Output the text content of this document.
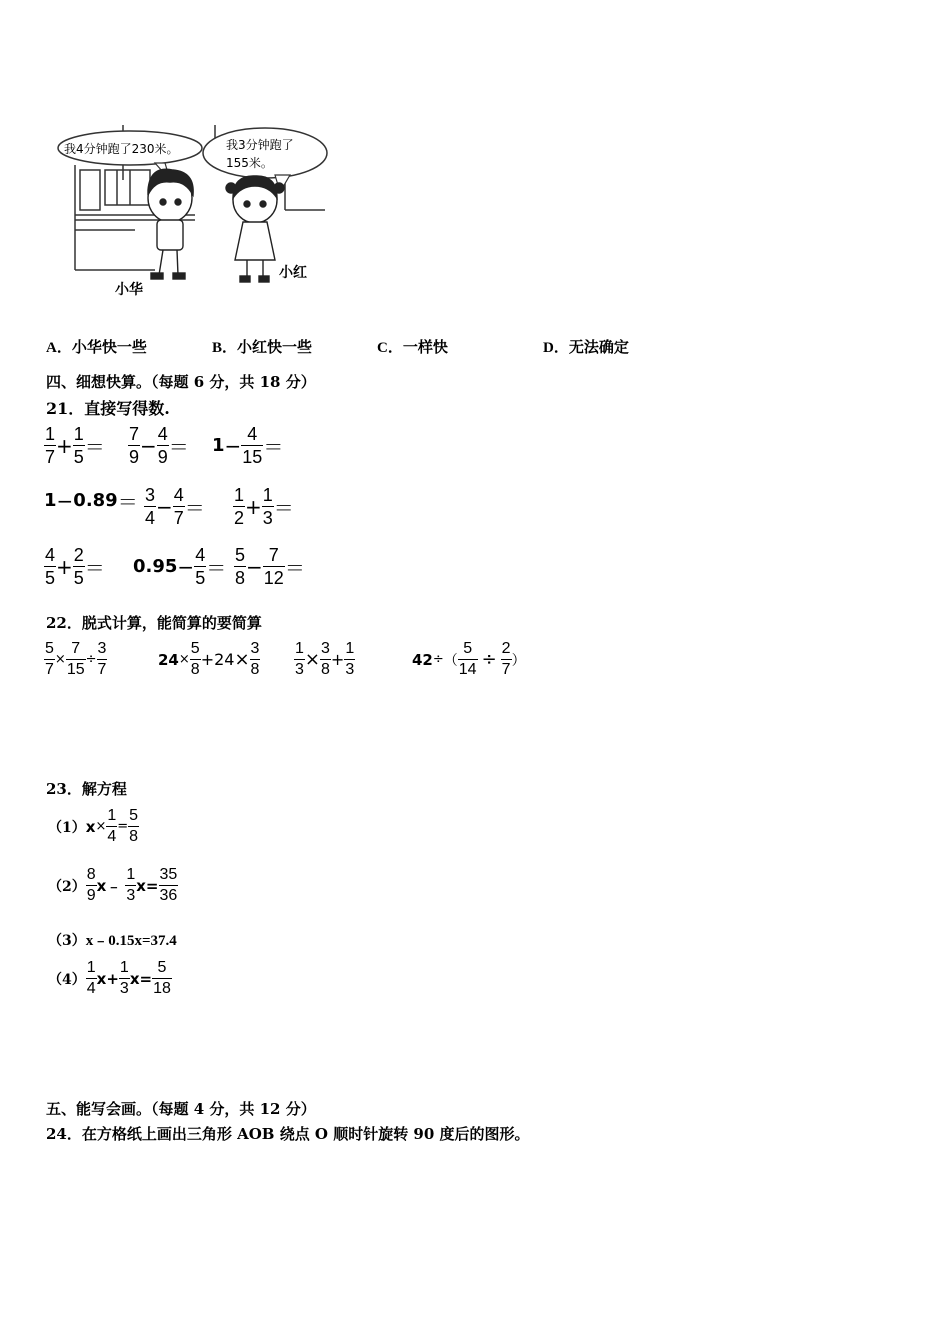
我4分钟跑了230米。	我3分钟跑了
155米。
小华
小红
A．小华快一些	B．小红快一些	C．一样快	D．无法确定
四、细想快算。（每题 6 分，共 18 分）
21．直接写得数.
$\frac{1}{7} + \frac{1}{5} = \frac{7}{9} - \frac{4}{9} = 1 - \frac{4}{15}$ ＝
$1 - 0.89 = \frac{3}{4} - \frac{4}{7} = \frac{1}{2} + \frac{1}{3}$ ＝
$\frac{4}{5} + \frac{2}{5} = 0.95 - \frac{4}{5} = \frac{5}{8} - \frac{7}{12}$ ＝
22．脱式计算，能简算的要简算
$\frac{5}{7} \times \frac{7}{15} \div \frac{3}{7}$	$24 \times \frac{5}{8} + 24 \times \frac{3}{8} \frac{1}{3} \times \frac{3}{8} + \frac{1}{3}$	42 ÷ （ $\frac{5}{14} \div \frac{2}{7}$ ）
23．解方程
（1） $x \times \frac{1}{4} = \frac{5}{8}$
$(2) \frac{8}{9}$ x﹣ $\frac{1}{3} x= \frac{35}{36}$
（3） x﹣0.15x=37.4
$(4) \frac{1}{4} x+ \frac{1}{3} x= \frac{5}{18}$
五、能写会画。（每题 4 分，共 12 分）
24．在方格纸上画出三角形 AOB 绕点 O 顺时针旋转 90 度后的图形。
